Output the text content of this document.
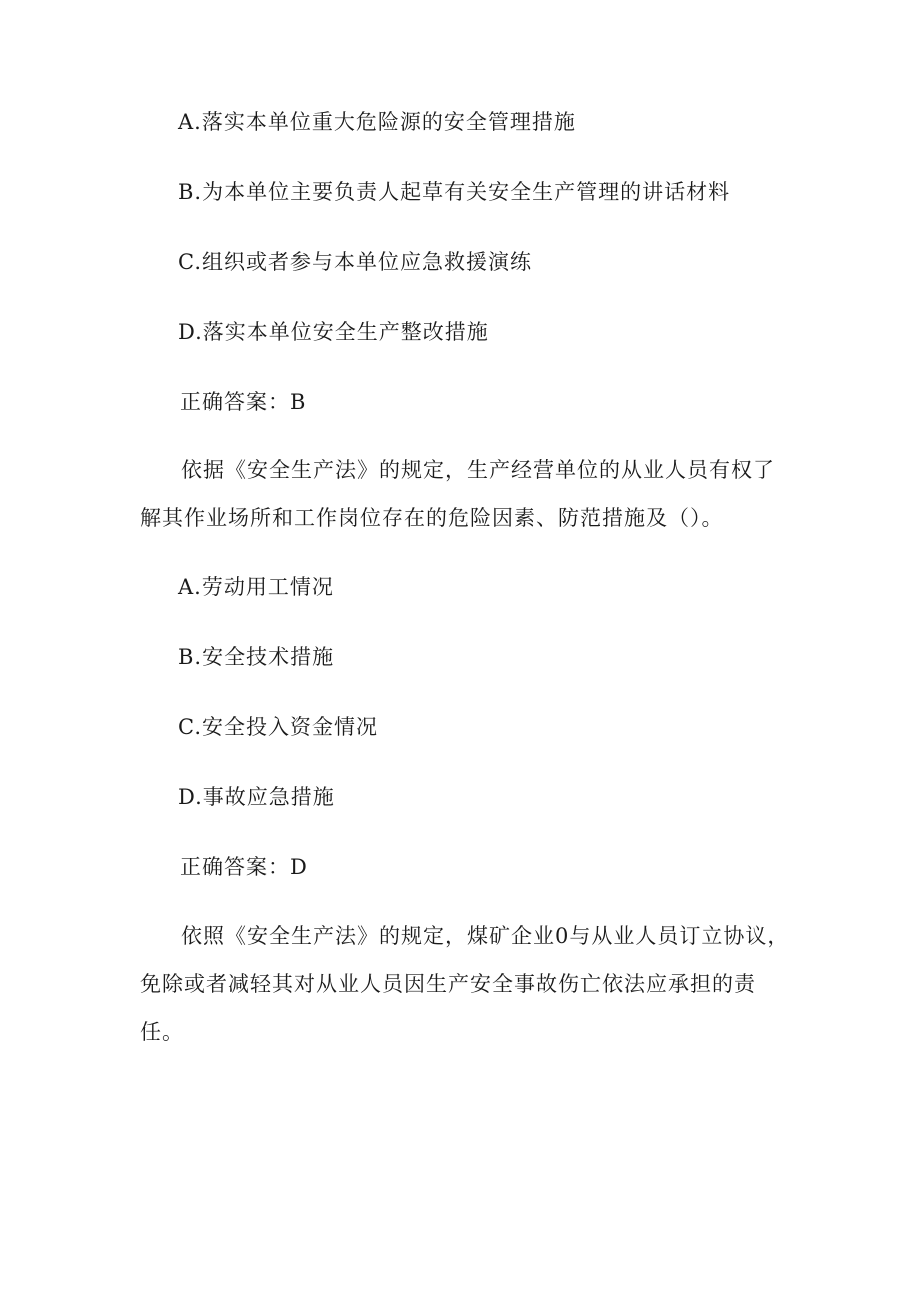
A.落实本单位重大危险源的安全管理措施
B.为本单位主要负责人起草有关安全生产管理的讲话材料
C.组织或者参与本单位应急救援演练
D.落实本单位安全生产整改措施
正确答案：B
依据《安全生产法》的规定，生产经营单位的从业人员有权了
解其作业场所和工作岗位存在的危险因素、防范措施及（）。
A.劳动用工情况
B.安全技术措施
C.安全投入资金情况
D.事故应急措施
正确答案：D
依照《安全生产法》的规定，煤矿企业0与从业人员订立协议，
免除或者减轻其对从业人员因生产安全事故伤亡依法应承担的责
任。
